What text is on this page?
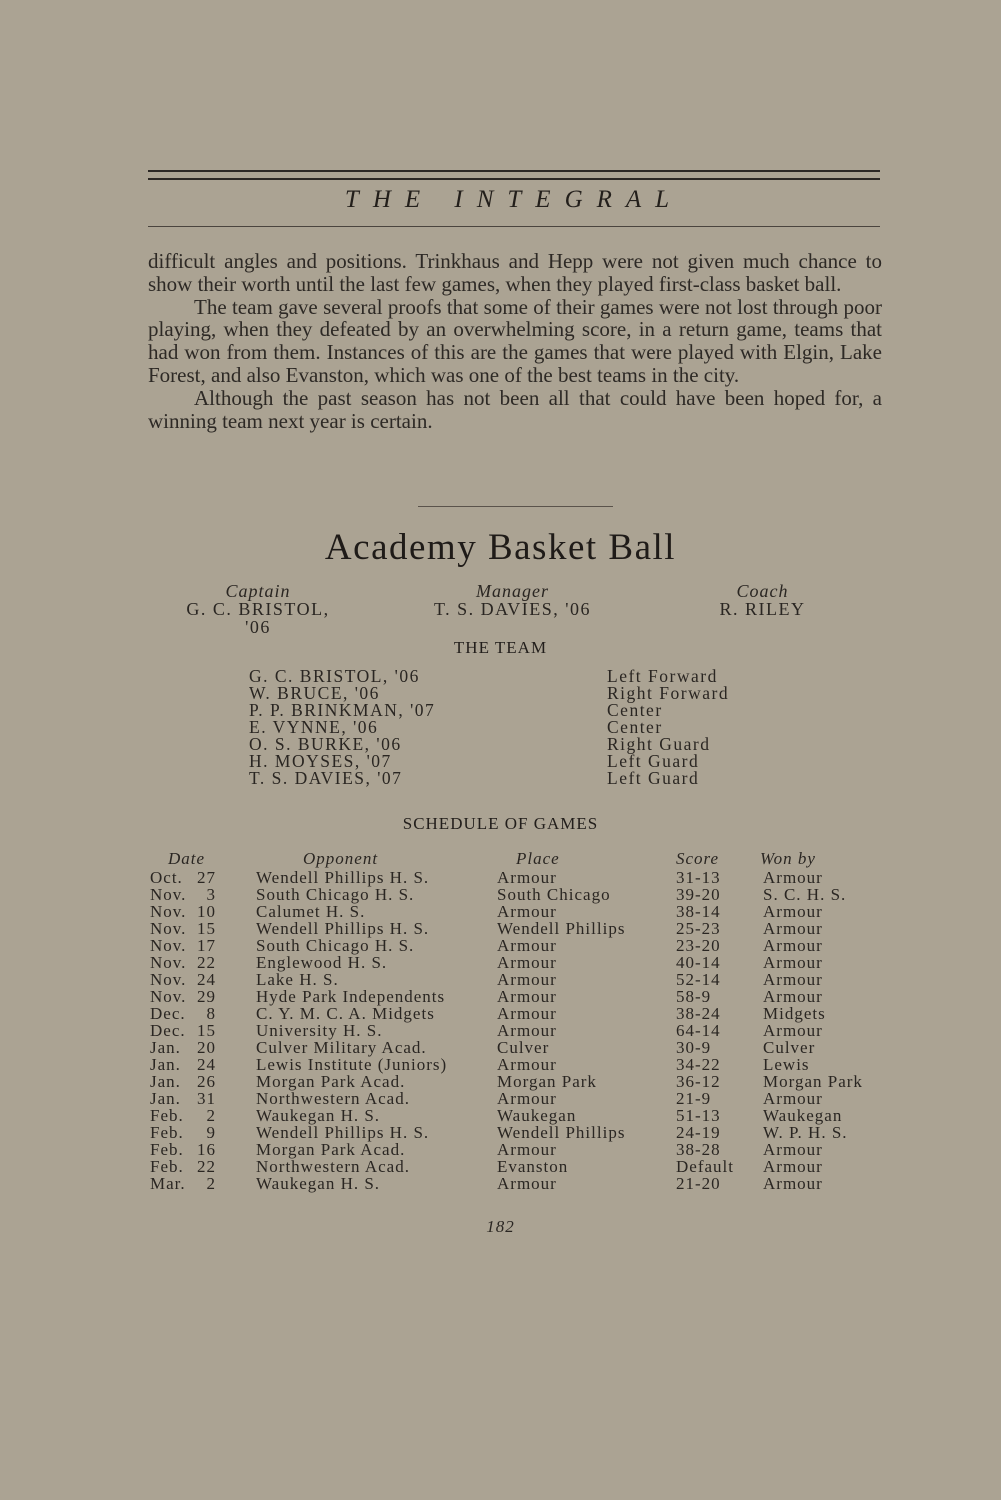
THE INTEGRAL

difficult angles and positions. Trinkhaus and Hepp were not given much chance to show their worth until the last few games, when they played first-class basket ball.

The team gave several proofs that some of their games were not lost through poor playing, when they defeated by an overwhelming score, in a return game, teams that had won from them. Instances of this are the games that were played with Elgin, Lake Forest, and also Evanston, which was one of the best teams in the city.

Although the past season has not been all that could have been hoped for, a winning team next year is certain.

Academy Basket Ball
Captain
G. C. BRISTOL, '06
Manager
T. S. DAVIES, '06
Coach
R. RILEY
THE TEAM
G. C. BRISTOL, '06	Left Forward
W. BRUCE, '06	Right Forward
P. P. BRINKMAN, '07	Center
E. VYNNE, '06	Center
O. S. BURKE, '06	Right Guard
H. MOYSES, '07	Left Guard
T. S. DAVIES, '07	Left Guard
SCHEDULE OF GAMES
Date	Opponent	Place	Score Won by
Oct. 27 Wendell Phillips H. S.	Armour	31-13 Armour
Nov.	3 South Chicago H. S.	South Chicago	39-20 S. C. H. S.
Nov. 10 Calumet H. S.	Armour	38-14 Armour
Nov. 15 Wendell Phillips H. S.	Wendell Phillips	25-23 Armour
Nov. 17 South Chicago H. S.	Armour	23-20 Armour
Nov. 22 Englewood H. S.	Armour	40-14 Armour
Nov. 24 Lake H. S.	Armour	52-14 Armour
Nov. 29 Hyde Park Independents	Armour	58-9	Armour
Dec.	8 C. Y. M. C. A. Midgets	Armour	38-24 Midgets
Dec. 15 University H. S.	Armour	64-14 Armour
Jan. 20 Culver Military Acad.	Culver	30-9	Culver
Jan. 24 Lewis Institute (Juniors)	Armour	34-22 Lewis
Jan. 26 Morgan Park Acad.	Morgan Park	36-12 Morgan Park
Jan. 31 Northwestern Acad.	Armour	21-9	Armour
Feb.	2 Waukegan H. S.	Waukegan	51-13 Waukegan
Feb.	9 Wendell Phillips H. S.	Wendell Phillips	24-19 W. P. H. S.
Feb. 16 Morgan Park Acad.	Armour	38-28 Armour
Feb. 22 Northwestern Acad.	Evanston	Default Armour
Mar.	2 Waukegan H. S.	Armour	21-20 Armour
182
